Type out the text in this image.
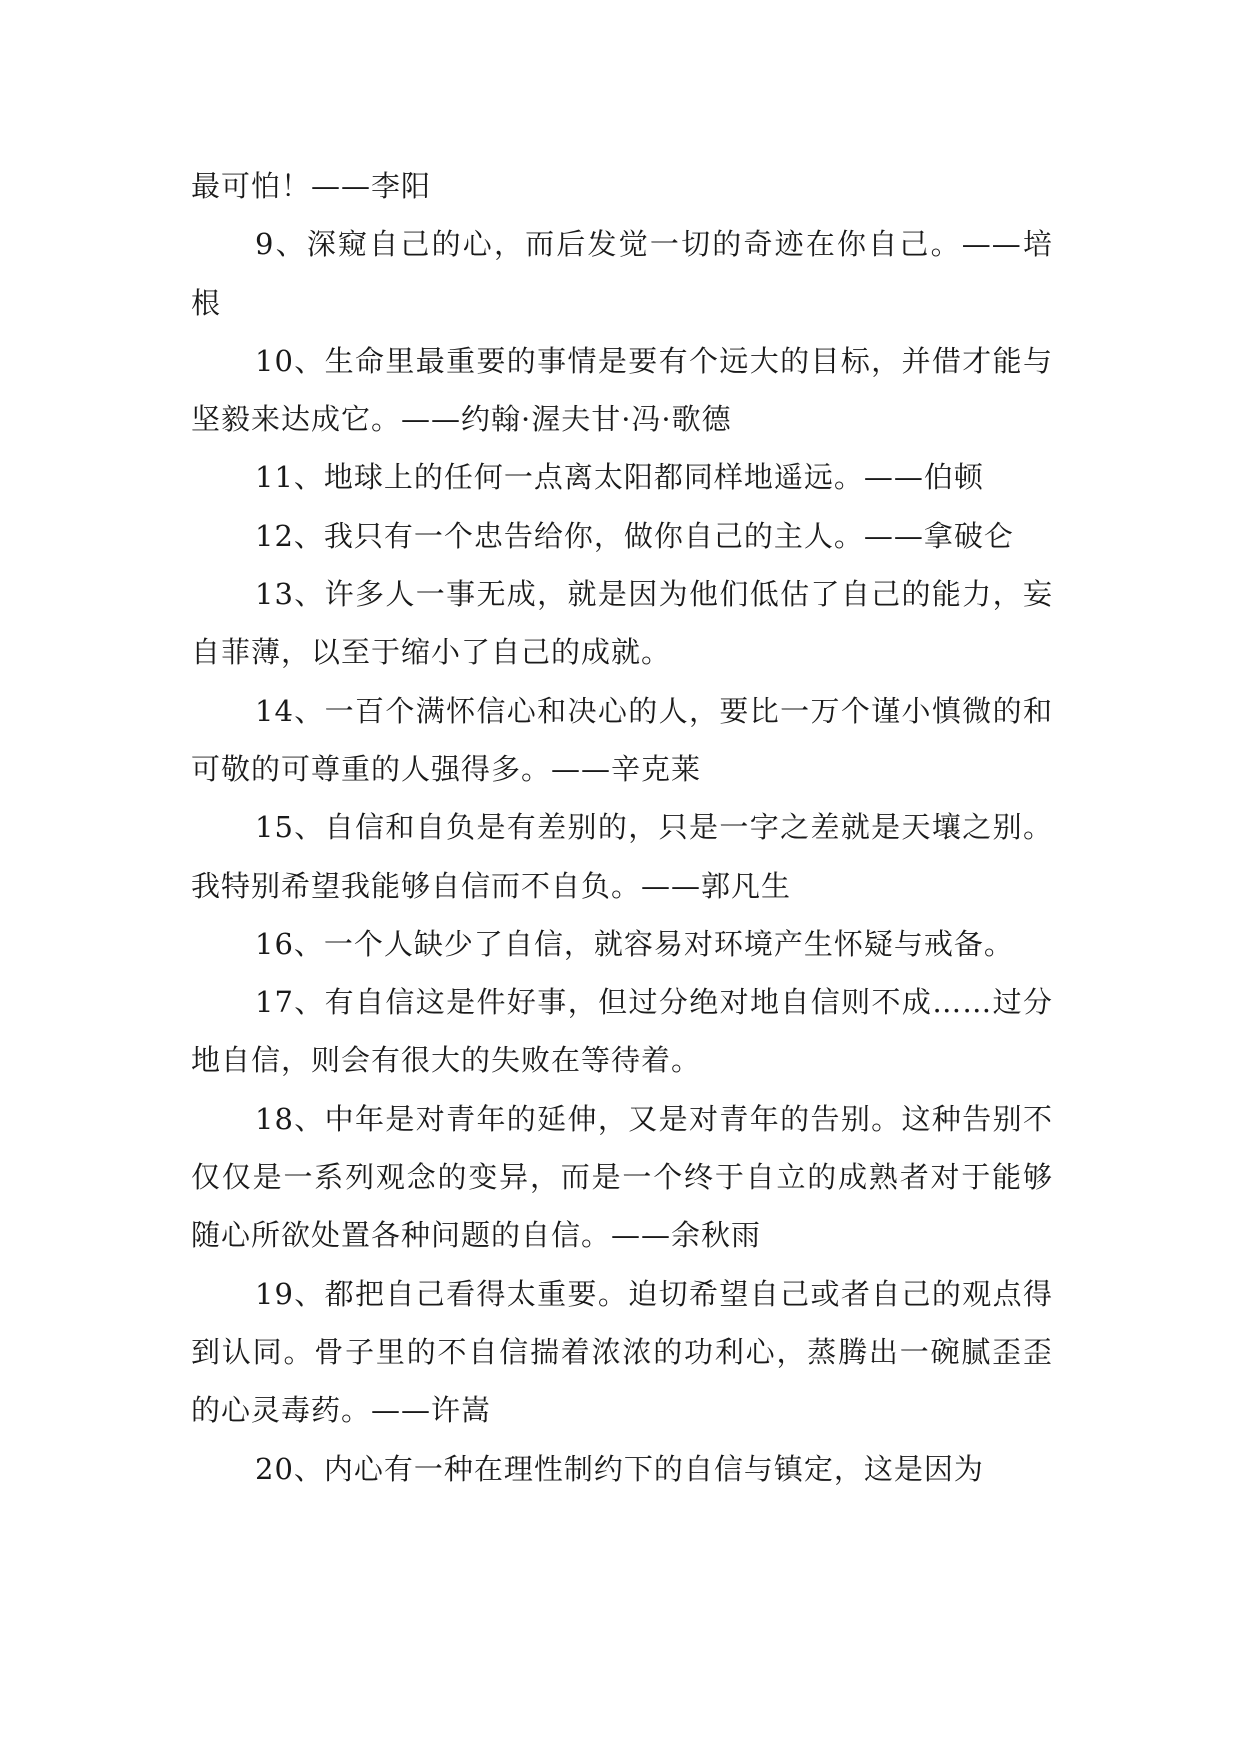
最可怕！——李阳

9、深窥自己的心，而后发觉一切的奇迹在你自己。——培根

10、生命里最重要的事情是要有个远大的目标，并借才能与坚毅来达成它。——约翰·渥夫甘·冯·歌德

11、地球上的任何一点离太阳都同样地遥远。——伯顿

12、我只有一个忠告给你，做你自己的主人。——拿破仑

13、许多人一事无成，就是因为他们低估了自己的能力，妄自菲薄，以至于缩小了自己的成就。

14、一百个满怀信心和决心的人，要比一万个谨小慎微的和可敬的可尊重的人强得多。——辛克莱

15、自信和自负是有差别的，只是一字之差就是天壤之别。我特别希望我能够自信而不自负。——郭凡生

16、一个人缺少了自信，就容易对环境产生怀疑与戒备。

17、有自信这是件好事，但过分绝对地自信则不成……过分地自信，则会有很大的失败在等待着。

18、中年是对青年的延伸，又是对青年的告别。这种告别不仅仅是一系列观念的变异，而是一个终于自立的成熟者对于能够随心所欲处置各种问题的自信。——余秋雨

19、都把自己看得太重要。迫切希望自己或者自己的观点得到认同。骨子里的不自信揣着浓浓的功利心，蒸腾出一碗腻歪歪的心灵毒药。——许嵩

20、内心有一种在理性制约下的自信与镇定，这是因为
